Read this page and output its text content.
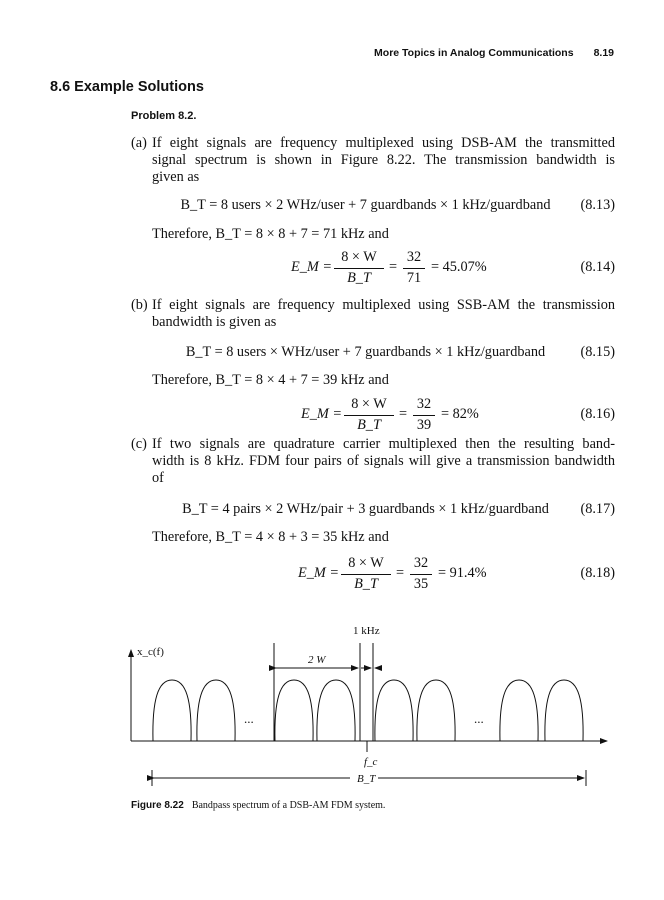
More Topics in Analog Communications 8.19
8.6 Example Solutions
Problem 8.2.
(a) If eight signals are frequency multiplexed using DSB-AM the transmitted
signal spectrum is shown in Figure 8.22. The transmission bandwidth is
given as
B_T = 8 users × 2 WHz/user + 7 guardbands × 1 kHz/guardband	(8.13)
Therefore, B_T = 8 × 8 + 7 = 71 kHz and
E_M =
8 × W
B_T
=
32
71
= 45.07%	(8.14)
(b) If eight signals are frequency multiplexed using SSB-AM the transmission
bandwidth is given as
B_T = 8 users × WHz/user + 7 guardbands × 1 kHz/guardband	(8.15)
Therefore, B_T = 8 × 4 + 7 = 39 kHz and
E_M =
8 × W
B_T
=
32
39
= 82%	(8.16)
(c) If two signals are quadrature carrier multiplexed then the resulting band-
width is 8 kHz. FDM four pairs of signals will give a transmission bandwidth
of
B_T = 4 pairs × 2 WHz/pair + 3 guardbands × 1 kHz/guardband	(8.17)
Therefore, B_T = 4 × 8 + 3 = 35 kHz and
E_M =
8 × W
B_T
=
32
35
= 91.4%	(8.18)
x_c(f)
1 kHz
2 W
f_c
B_T
...	...
Figure 8.22 Bandpass spectrum of a DSB-AM FDM system.
